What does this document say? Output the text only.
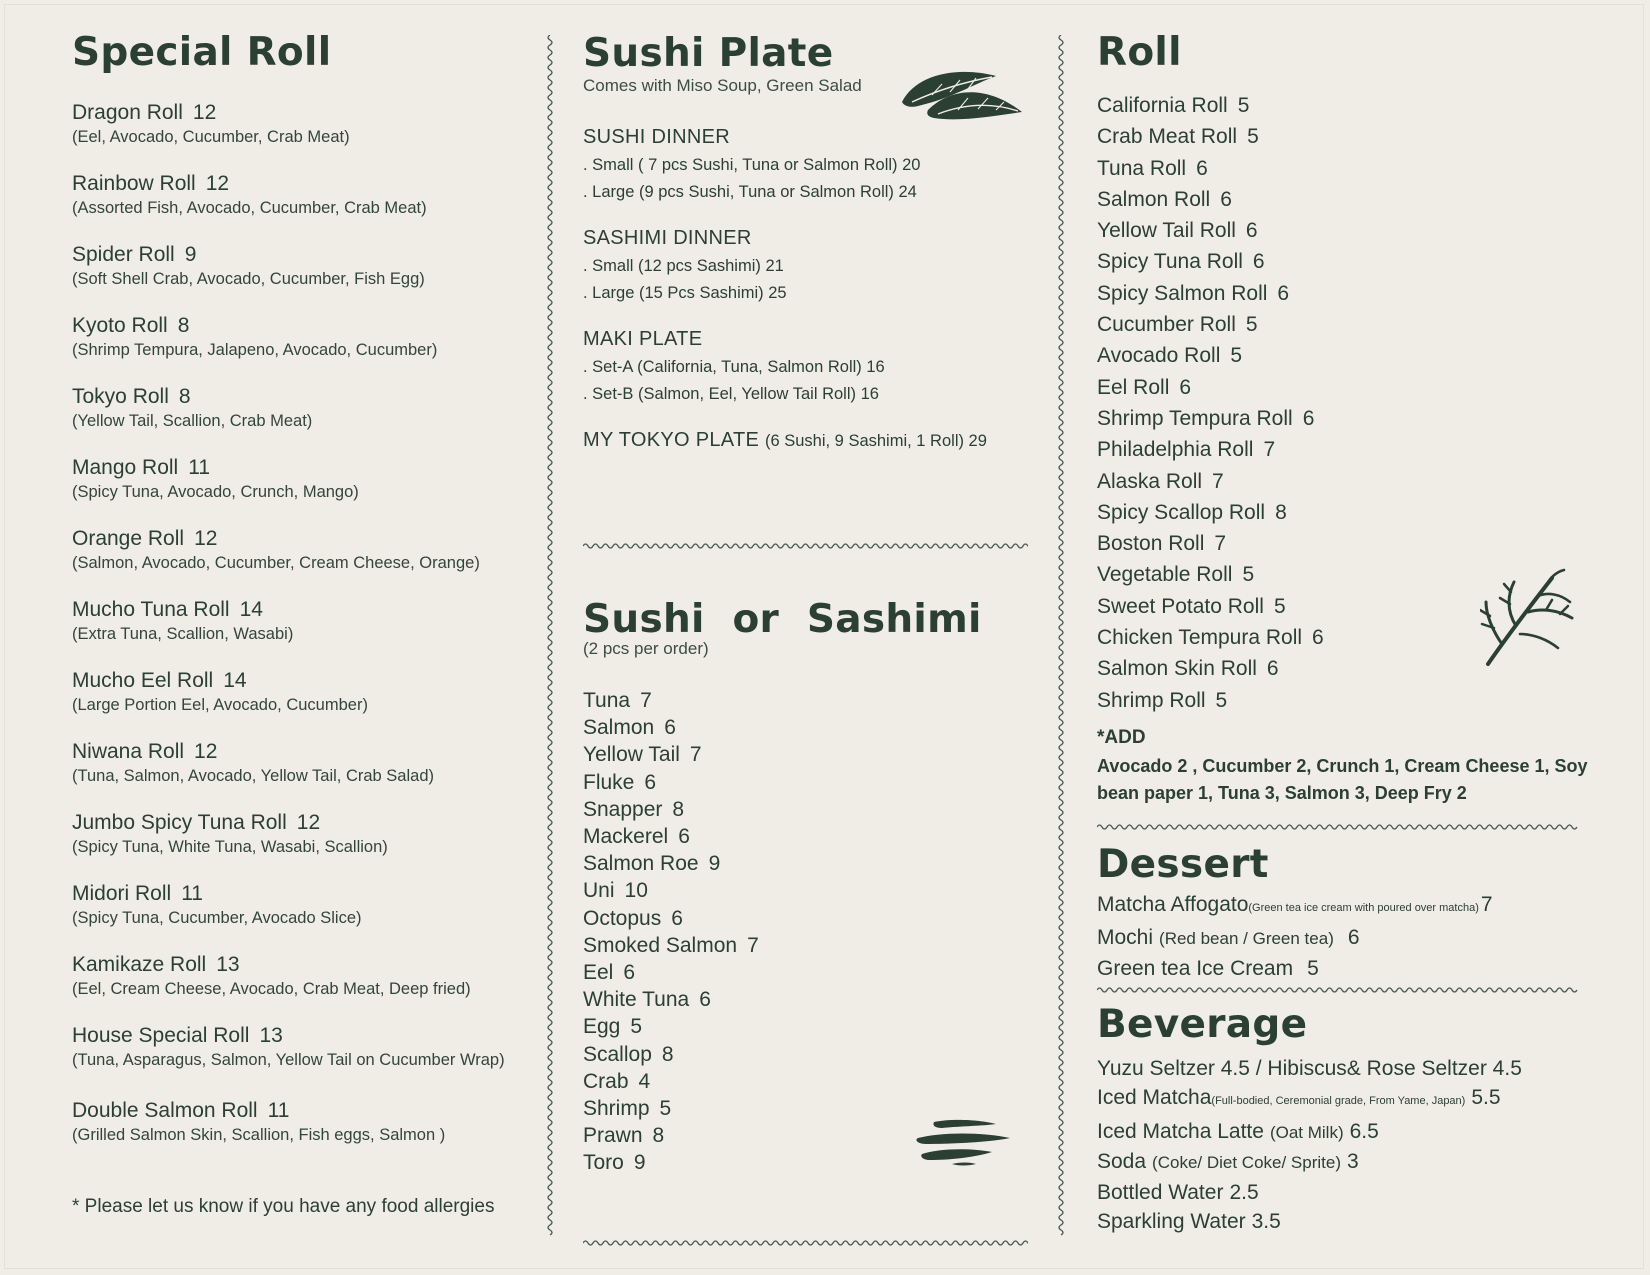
Special Roll
Dragon Roll 12
(Eel, Avocado, Cucumber, Crab Meat)
Rainbow Roll 12
(Assorted Fish, Avocado, Cucumber, Crab Meat)
Spider Roll 9
(Soft Shell Crab, Avocado, Cucumber, Fish Egg)
Kyoto Roll 8
(Shrimp Tempura, Jalapeno, Avocado, Cucumber)
Tokyo Roll 8
(Yellow Tail, Scallion, Crab Meat)
Mango Roll 11
(Spicy Tuna, Avocado, Crunch, Mango)
Orange Roll 12
(Salmon, Avocado, Cucumber, Cream Cheese, Orange)
Mucho Tuna Roll 14
(Extra Tuna, Scallion, Wasabi)
Mucho Eel Roll 14
(Large Portion Eel, Avocado, Cucumber)
Niwana Roll 12
(Tuna, Salmon, Avocado, Yellow Tail, Crab Salad)
Jumbo Spicy Tuna Roll 12
(Spicy Tuna, White Tuna, Wasabi, Scallion)
Midori Roll 11
(Spicy Tuna, Cucumber, Avocado Slice)
Kamikaze Roll 13
(Eel, Cream Cheese, Avocado, Crab Meat, Deep fried)
House Special Roll 13
(Tuna, Asparagus, Salmon, Yellow Tail on Cucumber Wrap)
Double Salmon Roll 11
(Grilled Salmon Skin, Scallion, Fish eggs, Salmon )
* Please let us know if you have any food allergies
Sushi Plate
Comes with Miso Soup, Green Salad
SUSHI DINNER
. Small ( 7 pcs Sushi, Tuna or Salmon Roll) 20
. Large (9 pcs Sushi, Tuna or Salmon Roll) 24
SASHIMI DINNER
. Small (12 pcs Sashimi) 21
. Large (15 Pcs Sashimi) 25
MAKI PLATE
. Set-A (California, Tuna, Salmon Roll) 16
. Set-B (Salmon, Eel, Yellow Tail Roll) 16
MY TOKYO PLATE (6 Sushi, 9 Sashimi, 1 Roll) 29
Sushi  or  Sashimi
(2 pcs per order)
Tuna 7
Salmon 6
Yellow Tail 7
Fluke 6
Snapper 8
Mackerel 6
Salmon Roe 9
Uni 10
Octopus 6
Smoked Salmon 7
Eel 6
White Tuna 6
Egg 5
Scallop 8
Crab 4
Shrimp 5
Prawn 8
Toro 9
Roll
California Roll 5
Crab Meat Roll 5
Tuna Roll 6
Salmon Roll 6
Yellow Tail Roll 6
Spicy Tuna Roll 6
Spicy Salmon Roll 6
Cucumber Roll 5
Avocado Roll 5
Eel Roll 6
Shrimp Tempura Roll 6
Philadelphia Roll 7
Alaska Roll 7
Spicy Scallop Roll 8
Boston Roll 7
Vegetable Roll 5
Sweet Potato Roll 5
Chicken Tempura Roll 6
Salmon Skin Roll 6
Shrimp Roll 5
*ADD
Avocado 2 , Cucumber 2, Crunch 1, Cream Cheese 1, Soy bean paper 1, Tuna 3, Salmon 3, Deep Fry 2
Dessert
Matcha Affogato(Green tea ice cream with poured over matcha)7
Mochi (Red bean / Green tea) 6
Green tea Ice Cream 5
Beverage
Yuzu Seltzer 4.5 / Hibiscus& Rose Seltzer 4.5
Iced Matcha(Full-bodied, Ceremonial grade, From Yame, Japan) 5.5
Iced Matcha Latte (Oat Milk) 6.5
Soda (Coke/ Diet Coke/ Sprite) 3
Bottled Water 2.5
Sparkling Water 3.5
